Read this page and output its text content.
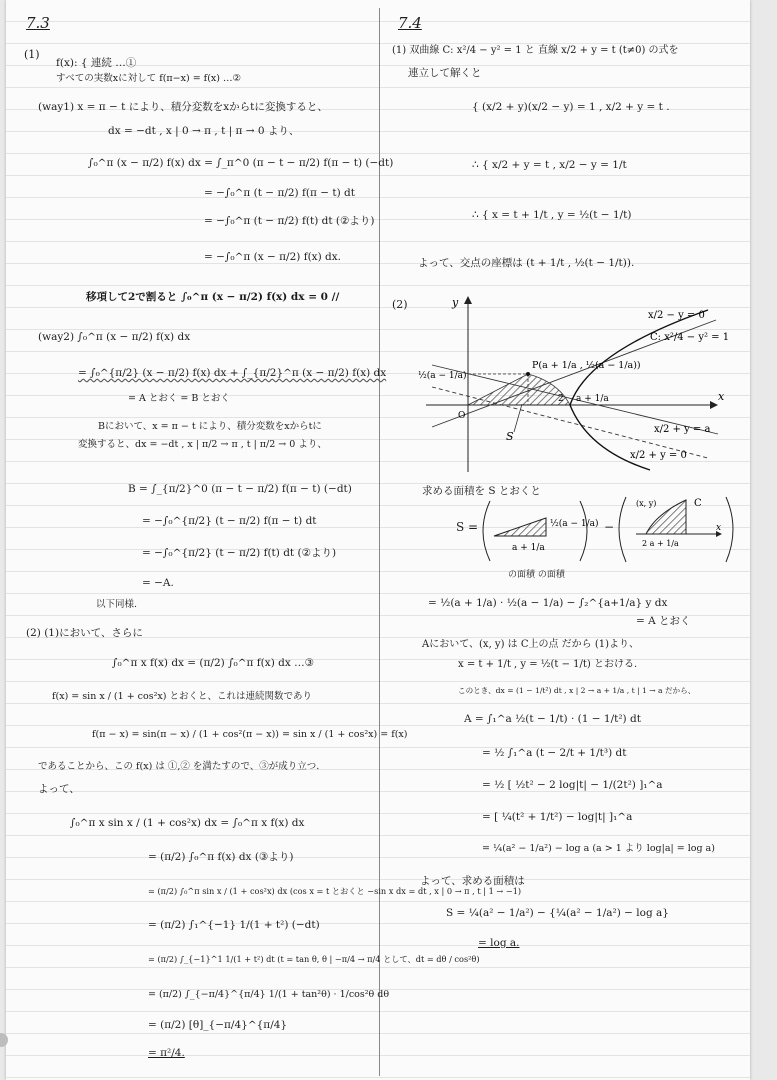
7.3
(1)
f(x): { 連続 …①
すべての実数xに対して f(π−x) = f(x) …②
(way1) x = π − t により、積分変数をxからtに変換すると、
dx = −dt , x | 0 → π , t | π → 0 より、
∫₀^π (x − π/2) f(x) dx = ∫_π^0 (π − t − π/2) f(π − t) (−dt)
= −∫₀^π (t − π/2) f(π − t) dt
= −∫₀^π (t − π/2) f(t) dt (②より)
= −∫₀^π (x − π/2) f(x) dx.
移項して2で割ると ∫₀^π (x − π/2) f(x) dx = 0 //
(way2) ∫₀^π (x − π/2) f(x) dx
= ∫₀^{π/2} (x − π/2) f(x) dx + ∫_{π/2}^π (x − π/2) f(x) dx
= A とおく = B とおく
Bにおいて、x = π − t により、積分変数をxからtに
変換すると、dx = −dt , x | π/2 → π , t | π/2 → 0 より、
B = ∫_{π/2}^0 (π − t − π/2) f(π − t) (−dt)
= −∫₀^{π/2} (t − π/2) f(π − t) dt
= −∫₀^{π/2} (t − π/2) f(t) dt (②より)
= −A.
以下同様.
(2) (1)において、さらに
∫₀^π x f(x) dx = (π/2) ∫₀^π f(x) dx …③
f(x) = sin x / (1 + cos²x) とおくと、これは連続関数であり
f(π − x) = sin(π − x) / (1 + cos²(π − x)) = sin x / (1 + cos²x) = f(x)
であることから、この f(x) は ①,② を満たすので、③が成り立つ.
よって、
∫₀^π x sin x / (1 + cos²x) dx = ∫₀^π x f(x) dx
= (π/2) ∫₀^π f(x) dx (③より)
= (π/2) ∫₀^π sin x / (1 + cos²x) dx (cos x = t とおくと −sin x dx = dt , x | 0 → π , t | 1 → −1)
= (π/2) ∫₁^{−1} 1/(1 + t²) (−dt)
= (π/2) ∫_{−1}^1 1/(1 + t²) dt (t = tan θ, θ | −π/4 → π/4 として、dt = dθ / cos²θ)
= (π/2) ∫_{−π/4}^{π/4} 1/(1 + tan²θ) · 1/cos²θ dθ
= (π/2) [θ]_{−π/4}^{π/4}
= π²/4.
7.4
(1) 双曲線 C: x²/4 − y² = 1 と 直線 x/2 + y = t (t≠0) の式を
連立して解くと
{ (x/2 + y)(x/2 − y) = 1 , x/2 + y = t .
∴ { x/2 + y = t , x/2 − y = 1/t
∴ { x = t + 1/t , y = ½(t − 1/t)
よって、交点の座標は (t + 1/t , ½(t − 1/t)).
(2)	y
x
x/2 − y = 0
C: x²/4 − y² = 1
P(a + 1/a , ½(a − 1/a))
½(a − 1/a)
O
2 a + 1/a
x/2 + y = a
x/2 + y = 0
S
求める面積を S とおくと
S =	½(a − 1/a)
a + 1/a
−
(x, y)	C
x
2 a + 1/a
の面積 の面積
= ½(a + 1/a) · ½(a − 1/a) − ∫₂^{a+1/a} y dx
= A とおく
Aにおいて、(x, y) は C上の点 だから (1)より、
x = t + 1/t , y = ½(t − 1/t) とおける.
このとき、dx = (1 − 1/t²) dt , x | 2 → a + 1/a , t | 1 → a だから、
A = ∫₁^a ½(t − 1/t) · (1 − 1/t²) dt
= ½ ∫₁^a (t − 2/t + 1/t³) dt
= ½ [ ½t² − 2 log|t| − 1/(2t²) ]₁^a
= [ ¼(t² + 1/t²) − log|t| ]₁^a
= ¼(a² − 1/a²) − log a (a > 1 より log|a| = log a)
よって、求める面積は
S = ¼(a² − 1/a²) − {¼(a² − 1/a²) − log a}
= log a.
